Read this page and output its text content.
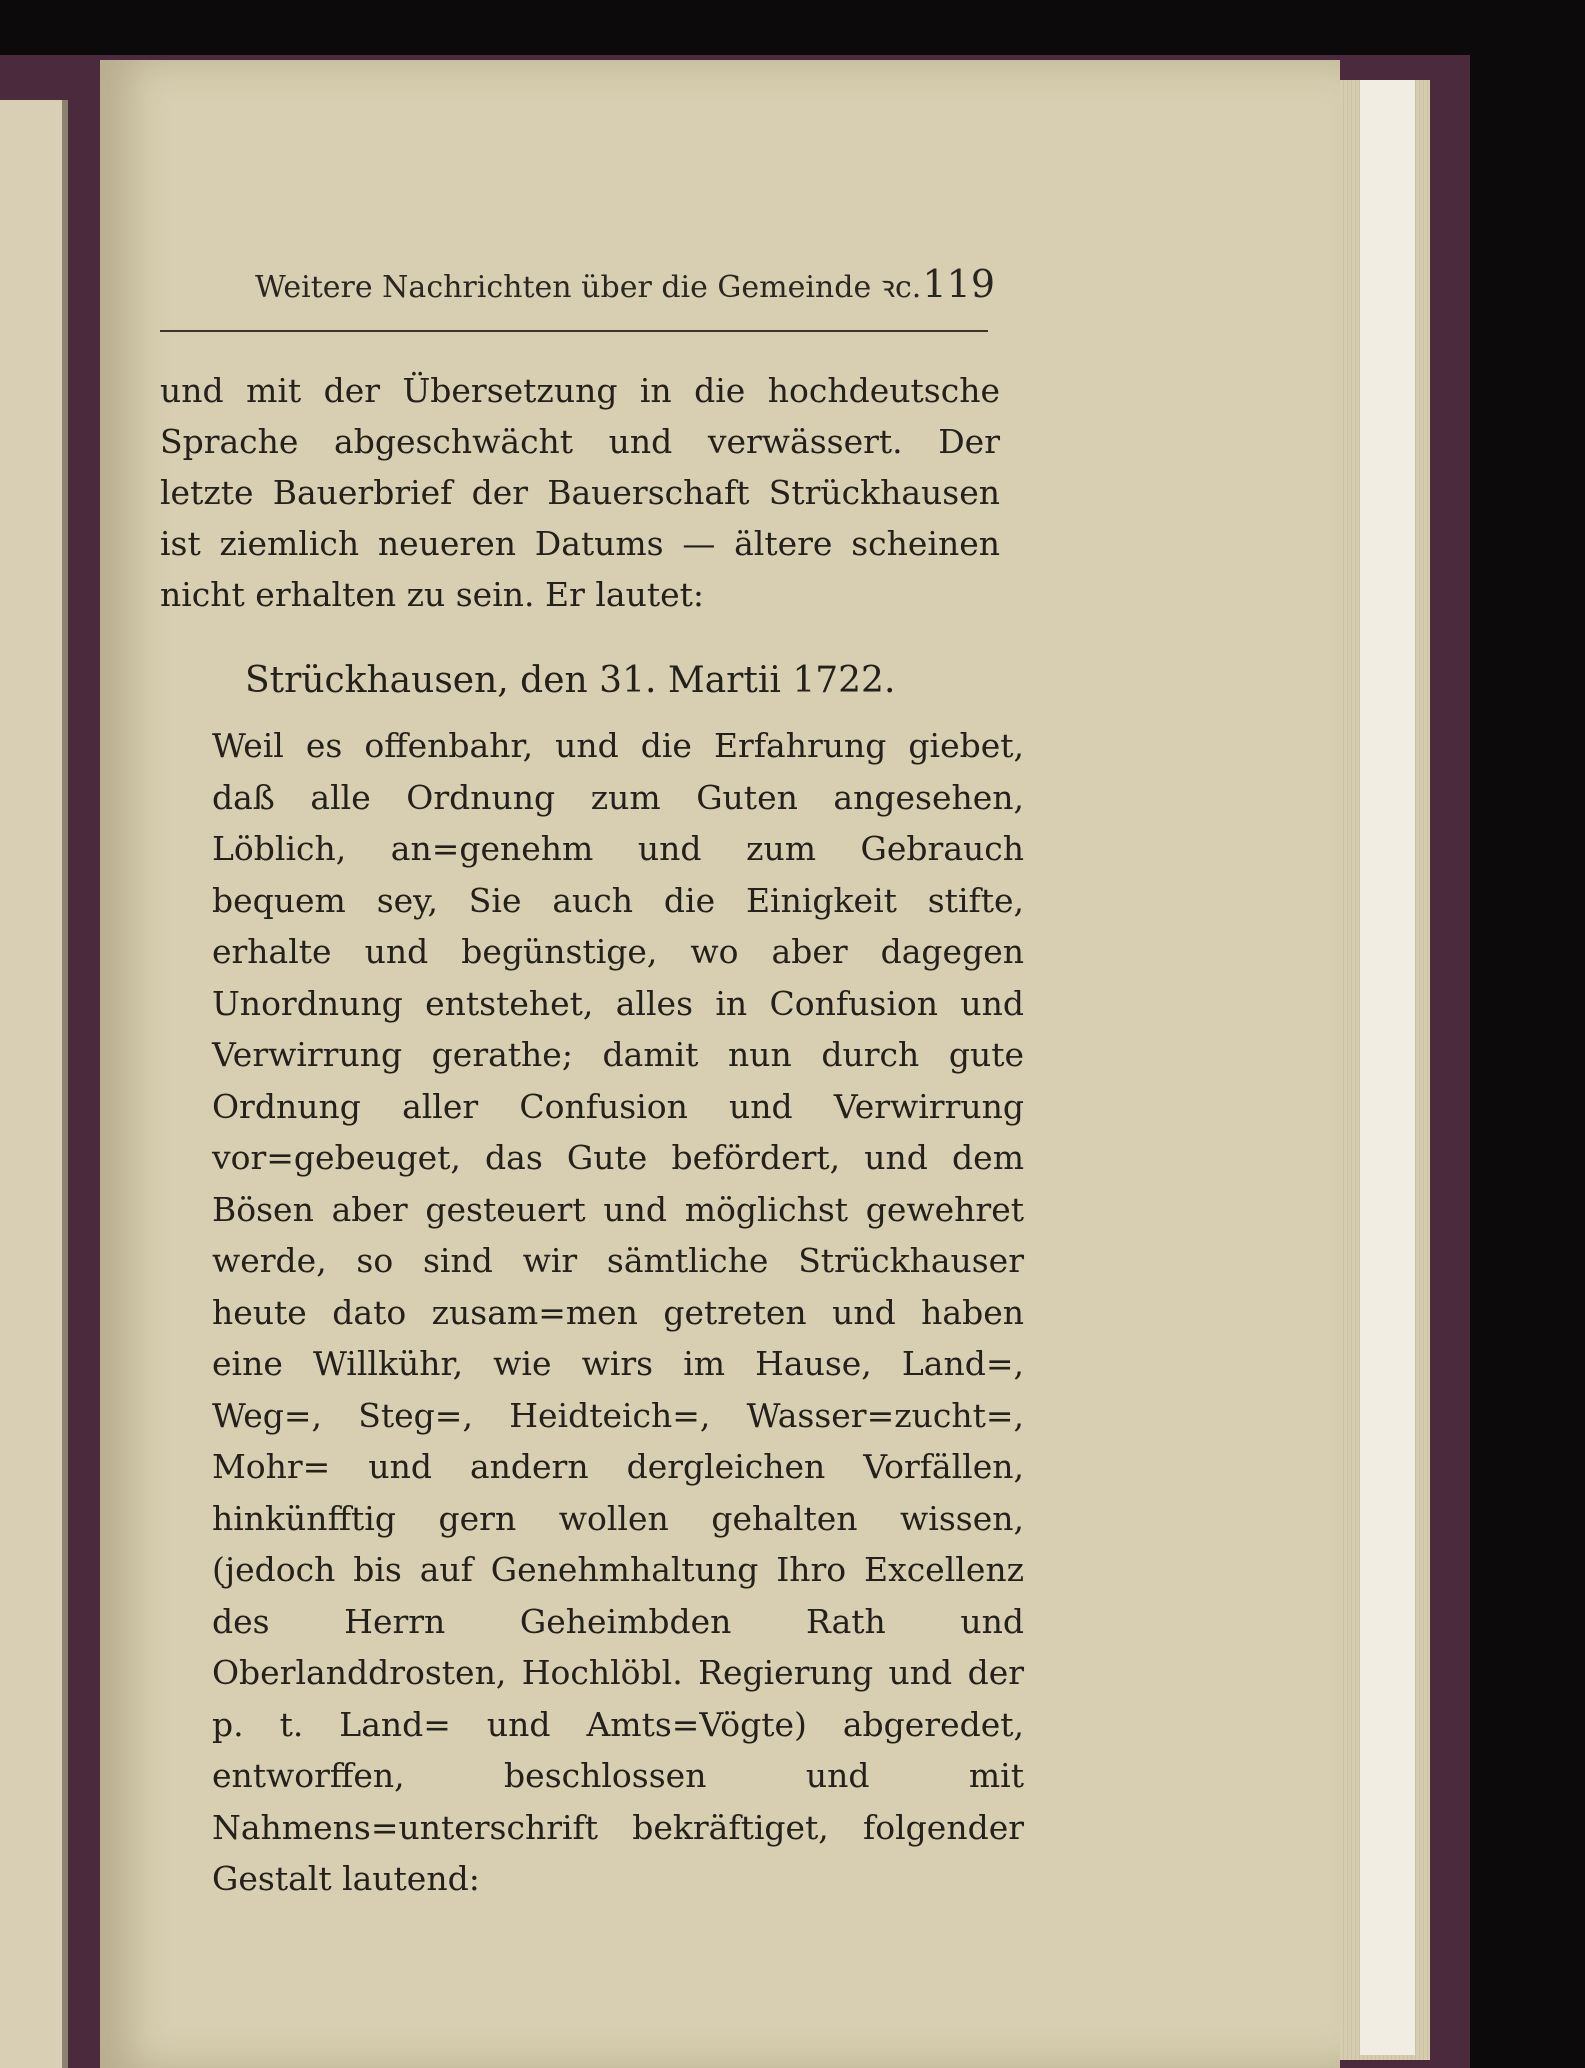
Weitere Nachrichten über die Gemeinde ꝛc. 119

und mit der Übersetzung in die hochdeutsche Sprache abgeschwächt und verwässert. Der letzte Bauerbrief der Bauerschaft Strückhausen ist ziemlich neueren Datums — ältere scheinen nicht erhalten zu sein. Er lautet:

Strückhausen, den 31. Martii 1722.

Weil es offenbahr, und die Erfahrung giebet, daß alle Ordnung zum Guten angesehen, Löblich, an=genehm und zum Gebrauch bequem sey, Sie auch die Einigkeit stifte, erhalte und begünstige, wo aber dagegen Unordnung entstehet, alles in Confusion und Verwirrung gerathe; damit nun durch gute Ordnung aller Confusion und Verwirrung vor=gebeuget, das Gute befördert, und dem Bösen aber gesteuert und möglichst gewehret werde, so sind wir sämtliche Strückhauser heute dato zusam=men getreten und haben eine Willkühr, wie wirs im Hause, Land=, Weg=, Steg=, Heidteich=, Wasser=zucht=, Mohr= und andern dergleichen Vorfällen, hinkünfftig gern wollen gehalten wissen, (jedoch bis auf Genehmhaltung Ihro Excellenz des Herrn Geheimbden Rath und Oberlanddrosten, Hochlöbl. Regierung und der p. t. Land= und Amts=Vögte) abgeredet, entworffen, beschlossen und mit Nahmens=unterschrift bekräftiget, folgender Gestalt lautend:
